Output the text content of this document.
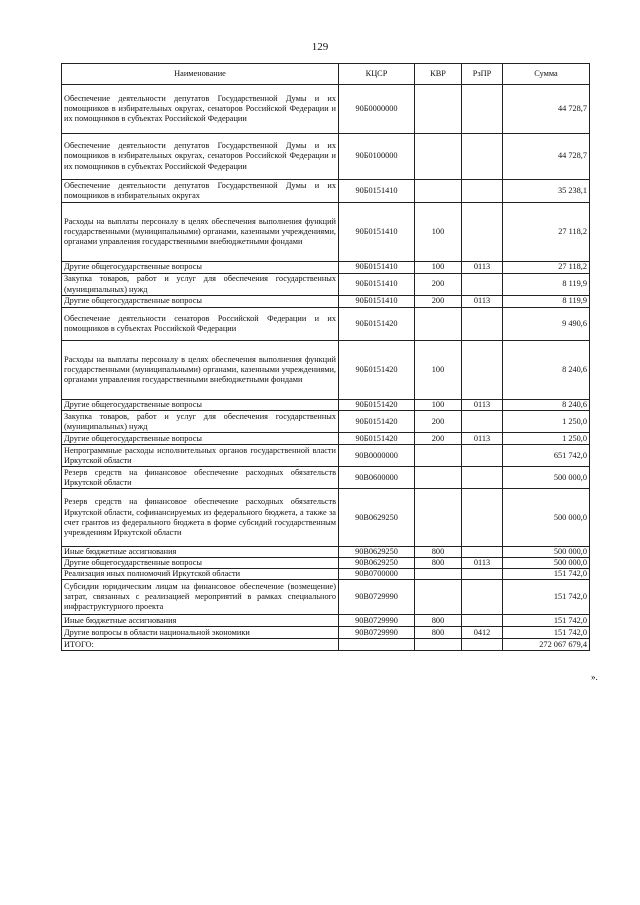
129
Наименование	КЦСР	КВР	РзПР	Сумма
Обеспечение деятельности депутатов Государственной Думы и их помощников в избирательных округах, сенаторов Российской Федерации и их помощников в субъектах Российской Федерации	90Б0000000			44 728,7
Обеспечение деятельности депутатов Государственной Думы и их помощников в избирательных округах, сенаторов Российской Федерации и их помощников в субъектах Российской Федерации	90Б0100000			44 728,7
Обеспечение деятельности депутатов Государственной Думы и их помощников в избирательных округах	90Б0151410			35 238,1
Расходы на выплаты персоналу в целях обеспечения выполнения функций государственными (муниципальными) органами, казенными учреждениями, органами управления государственными внебюджетными фондами	90Б0151410	100		27 118,2
Другие общегосударственные вопросы	90Б0151410	100	0113	27 118,2
Закупка товаров, работ и услуг для обеспечения государственных (муниципальных) нужд	90Б0151410	200		8 119,9
Другие общегосударственные вопросы	90Б0151410	200	0113	8 119,9
Обеспечение деятельности сенаторов Российской Федерации и их помощников в субъектах Российской Федерации	90Б0151420			9 490,6
Расходы на выплаты персоналу в целях обеспечения выполнения функций государственными (муниципальными) органами, казенными учреждениями, органами управления государственными внебюджетными фондами	90Б0151420	100		8 240,6
Другие общегосударственные вопросы	90Б0151420	100	0113	8 240,6
Закупка товаров, работ и услуг для обеспечения государственных (муниципальных) нужд	90Б0151420	200		1 250,0
Другие общегосударственные вопросы	90Б0151420	200	0113	1 250,0
Непрограммные расходы исполнительных органов государственной власти Иркутской области	90В0000000			651 742,0
Резерв средств на финансовое обеспечение расходных обязательств Иркутской области	90В0600000			500 000,0
Резерв средств на финансовое обеспечение расходных обязательств Иркутской области, софинансируемых из федерального бюджета, а также за счет грантов из федерального бюджета в форме субсидий государственным учреждениям Иркутской области	90В0629250			500 000,0
Иные бюджетные ассигнования	90В0629250	800		500 000,0
Другие общегосударственные вопросы	90В0629250	800	0113	500 000,0
Реализация иных полномочий Иркутской области	90В0700000			151 742,0
Субсидии юридическим лицам на финансовое обеспечение (возмещение) затрат, связанных с реализацией мероприятий в рамках специального инфраструктурного проекта	90В0729990			151 742,0
Иные бюджетные ассигнования	90В0729990	800		151 742,0
Другие вопросы в области национальной экономики	90В0729990	800	0412	151 742,0
ИТОГО:				272 067 679,4
».
